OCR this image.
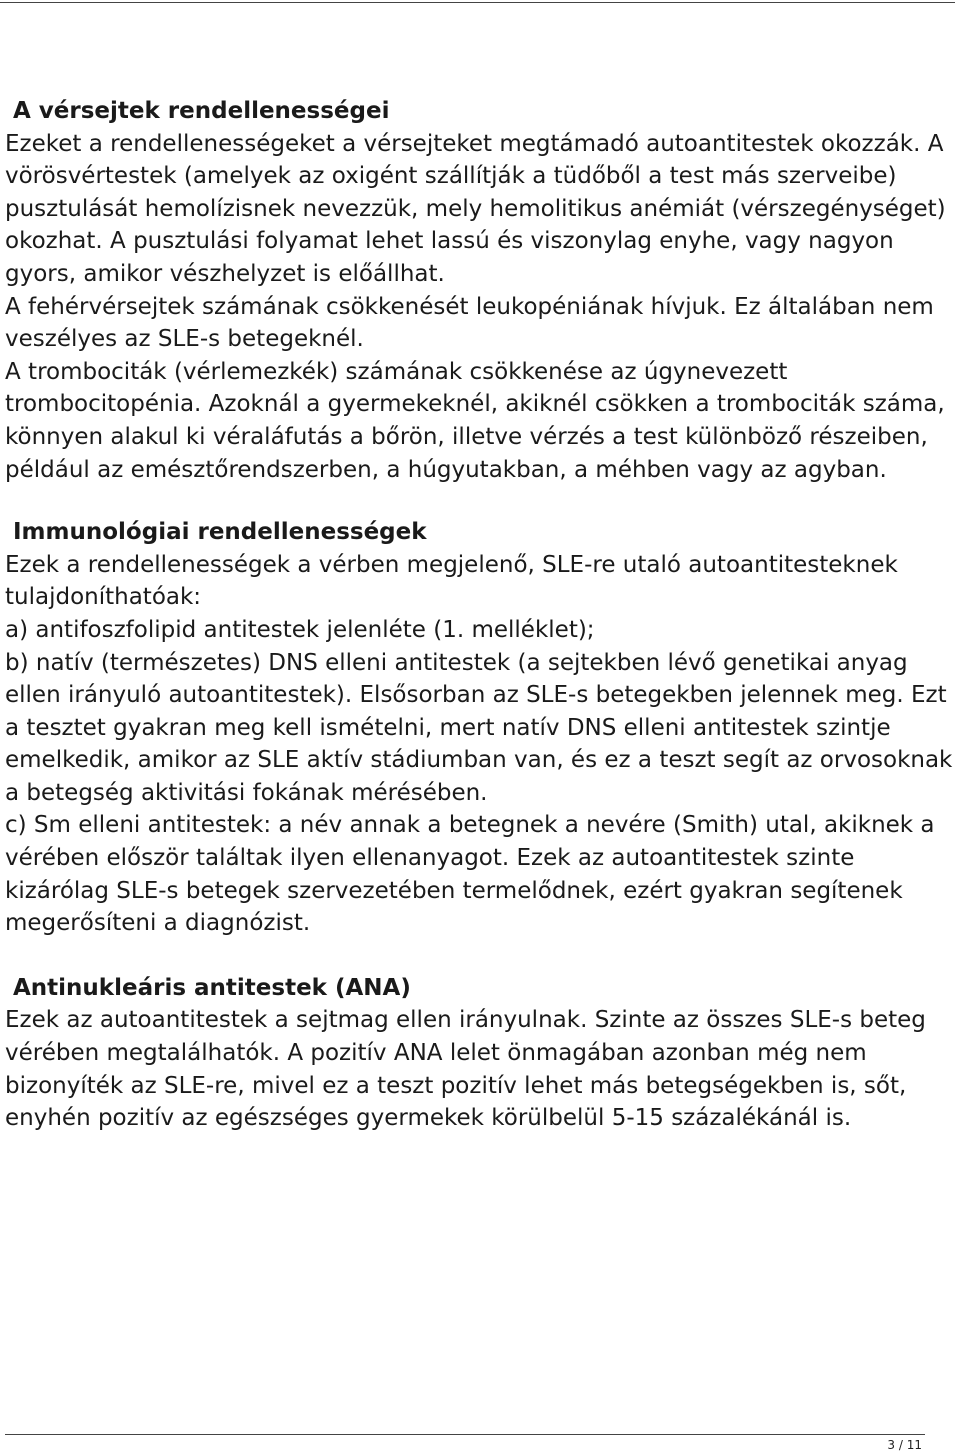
A vérsejtek rendellenességei

Ezeket a rendellenességeket a vérsejteket megtámadó autoantitestek okozzák. A vörösvértestek (amelyek az oxigént szállítják a tüdőből a test más szerveibe) pusztulását hemolízisnek nevezzük, mely hemolitikus anémiát (vérszegénységet) okozhat. A pusztulási folyamat lehet lassú és viszonylag enyhe, vagy nagyon gyors, amikor vészhelyzet is előállhat.

A fehérvérsejtek számának csökkenését leukopéniának hívjuk. Ez általában nem veszélyes az SLE-s betegeknél.

A trombociták (vérlemezkék) számának csökkenése az úgynevezett trombocitopénia. Azoknál a gyermekeknél, akiknél csökken a trombociták száma, könnyen alakul ki véraláfutás a bőrön, illetve vérzés a test különböző részeiben, például az emésztőrendszerben, a húgyutakban, a méhben vagy az agyban.

Immunológiai rendellenességek

Ezek a rendellenességek a vérben megjelenő, SLE-re utaló autoantitesteknek tulajdoníthatóak:

a) antifoszfolipid antitestek jelenléte (1. melléklet);

b) natív (természetes) DNS elleni antitestek (a sejtekben lévő genetikai anyag ellen irányuló autoantitestek). Elsősorban az SLE-s betegekben jelennek meg. Ezt a tesztet gyakran meg kell ismételni, mert natív DNS elleni antitestek szintje emelkedik, amikor az SLE aktív stádiumban van, és ez a teszt segít az orvosoknak a betegség aktivitási fokának mérésében.

c) Sm elleni antitestek: a név annak a betegnek a nevére (Smith) utal, akiknek a vérében először találtak ilyen ellenanyagot. Ezek az autoantitestek szinte kizárólag SLE-s betegek szervezetében termelődnek, ezért gyakran segítenek megerősíteni a diagnózist.

Antinukleáris antitestek (ANA)

Ezek az autoantitestek a sejtmag ellen irányulnak. Szinte az összes SLE-s beteg vérében megtalálhatók. A pozitív ANA lelet önmagában azonban még nem bizonyíték az SLE-re, mivel ez a teszt pozitív lehet más betegségekben is, sőt, enyhén pozitív az egészséges gyermekek körülbelül 5-15 százalékánál is.

3 / 11
